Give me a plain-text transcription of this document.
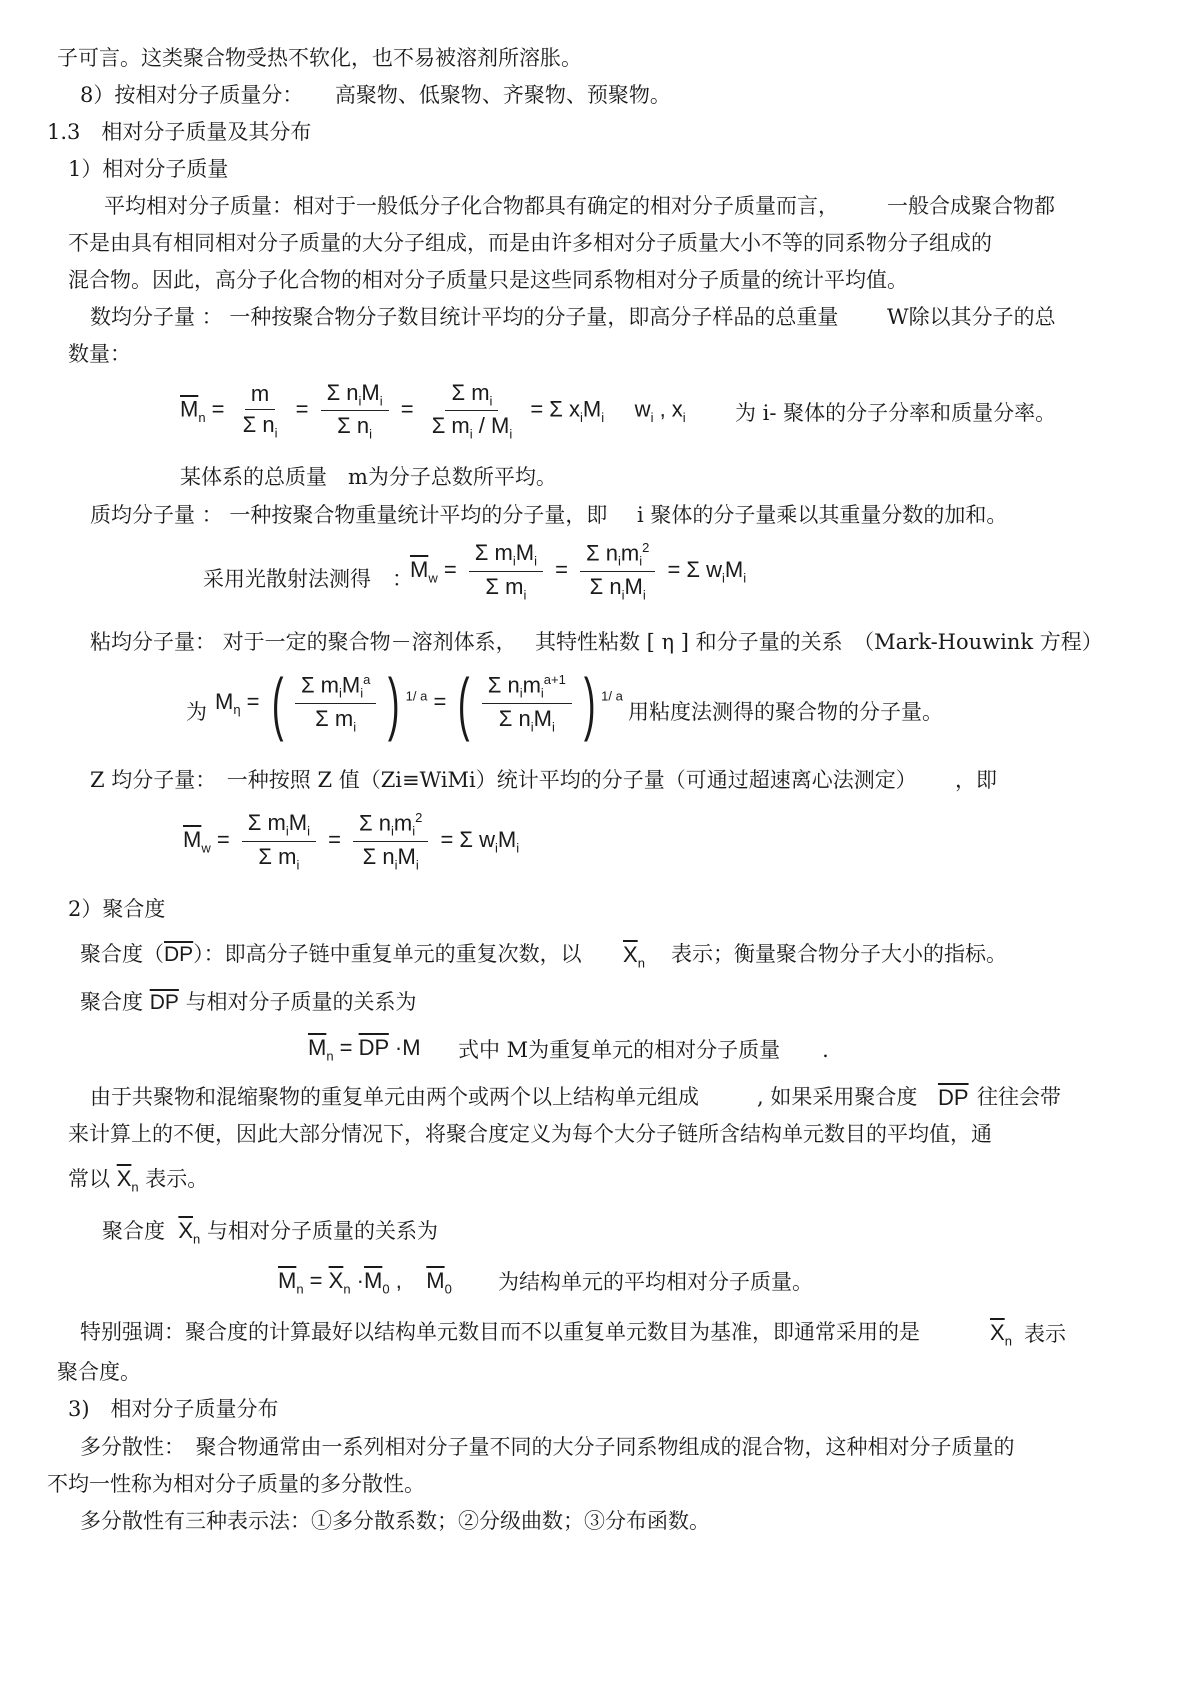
子可言。这类聚合物受热不软化，也不易被溶剂所溶胀。
8）按相对分子质量分：　　高聚物、低聚物、齐聚物、预聚物。
1.3　相对分子质量及其分布
1）相对分子质量
平均相对分子质量：相对于一般低分子化合物都具有确定的相对分子质量而言， 一般合成聚合物都
不是由具有相同相对分子质量的大分子组成，而是由许多相对分子质量大小不等的同系物分子组成的
混合物。因此，高分子化合物的相对分子质量只是这些同系物相对分子质量的统计平均值。
数均分子量 ： 一种按聚合物分子数目统计平均的分子量，即高分子样品的总重量 W除以其分子的总
数量：
$\overline{M}_n = \frac{m}{\Sigma n_i}$ =
Σ $n_iM_i$
Σ $n_i$
= $\frac{\Sigma m_i}{\Sigma m_i / M_i} = \Sigma$ $x_iM_i$     $w_i$ , $x_i$ 为 i- 聚体的分子分率和质量分率。
某体系的总质量　m为分子总数所平均。
质均分子量 ： 一种按聚合物重量统计平均的分子量，即 i 聚体的分子量乘以其重量分数的加和。
采用光散射法测得　：
$\overline{M}_w$ =
Σ $m_iM_i$
Σ $m_i$
=
Σ $n_im_i^2$
Σ $n_iM_i$
= Σ $w_iM_i$
粘均分子量： 对于一定的聚合物－溶剂体系， 其特性粘数 [ η ] 和分子量的关系　（Mark-Houwink 方程）
为 $M_\eta$ = ( Σ $m_iM_i^a$
Σ $m_i$ ) $^{1/ a}$ = ( Σ $n_im_i^{a+1}$
Σ $n_iM_i$ ) $^{1/ a}$
用粘度法测得的聚合物的分子量。
Z 均分子量：　一种按照 Z 值（Zi≡WiMi）统计平均的分子量（可通过超速离心法测定） ，即
$\overline{M}_w$ =
Σ $m_iM_i$
Σ $m_i$
=
Σ $n_im_i^2$
Σ $n_iM_i$
= Σ $w_iM_i$
2）聚合度
聚合度$(\overline{DP})$：即高分子链中重复单元的重复次数，以 $\overline{X}_n$ 表示；衡量聚合物分子大小的指标。
聚合度 $\overline{DP}$ 与相对分子质量的关系为
$\overline{M}_n = \overline{DP} \cdot M$ 式中 M为重复单元的相对分子质量　　.
由于共聚物和混缩聚物的重复单元由两个或两个以上结构单元组成	, 如果采用聚合度 $\overline{DP}$ 往往会带
来计算上的不便，因此大部分情况下，将聚合度定义为每个大分子链所含结构单元数目的平均值，通
常以 $\overline{X}_n$ 表示。
聚合度 $\overline{X}_n$ 与相对分子质量的关系为
$\overline{M}_n = \overline{X}_n \cdot\overline{M}_0$ ,    $\overline{M}_0$ 为结构单元的平均相对分子质量。
特别强调：聚合度的计算最好以结构单元数目而不以重复单元数目为基准，即通常采用的是	$\overline{X}_n$ 表示
聚合度。
3)　相对分子质量分布
多分散性：　聚合物通常由一系列相对分子量不同的大分子同系物组成的混合物，这种相对分子质量的
不均一性称为相对分子质量的多分散性。
多分散性有三种表示法：①多分散系数；②分级曲数；③分布函数。
